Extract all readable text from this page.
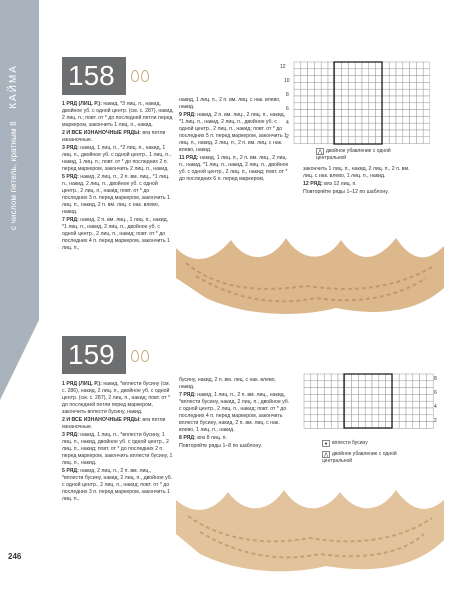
с числом петель, кратным 8 КАЙМА 158

1 РЯД (ЛИЦ. Р.): накид, *3 лиц. п., накид, двойное уб. с одной центр. (см. с. 287), накид, 2 лиц. п.; повт. от * до последней петли перед маркером, закончить 1 лиц. п., накид.

2 И ВСЕ ИЗНАНОЧНЫЕ РЯДЫ: вяз петли изнаночные.

3 РЯД: накид, 1 лиц. п., *2 лиц. п., накид, 1 лиц. п., двойное уб. с одной центр., 1 лиц. п., накид, 1 лиц. п.; повт. от * до последних 2 п. перед маркером, закончить 2 лиц. п., накид.

5 РЯД: накид, 2 лиц. п., 2 п. вм. лиц., *1 лиц. п., накид, 2 лиц. п., двойное уб. с одной центр., 2 лиц. п., накид; повт. от * до последних 3 п. перед маркером, закончить 1 лиц. п., накид, 2 п. вм. лиц. с нак. влево, накид.

7 РЯД: накид, 2 п. вм. лиц., 1 лиц. п., накид, *1 лиц. п., накид, 2 лиц. п., двойное уб. с одной центр., 2 лиц. п., накид; повт. от * до последних 4 п. перед маркером, закончить 1 лиц. п.,

накид, 1 лиц. п., 2 п. вм. лиц. с нак. влево, накид.

9 РЯД: накид, 2 п. вм. лиц., 2 лиц. п., накид, *1 лиц. п., накид, 2 лиц. п., двойное уб. с одной центр., 2 лиц. п., накид; повт. от * до последних 5 п. перед маркером, закончить 1 лиц. п., накид, 2 лиц. п., 2 п. вм. лиц. с нак. влево, накид.

11 РЯД: накид, 1 лиц. п., 2 п. вм. лиц., 2 лиц. п., накид, *1 лиц. п., накид, 2 лиц. п., двойное уб. с одной центр., 2 лиц. п., накид; повт. от * до последних 6 п. перед маркером,

12
10
8
6
4
2
⋀ двойное убавление с одной центральной

закончить 1 лиц. п., накид, 2 лиц. п., 2 п. вм. лиц. с нак. влево, 1 лиц. п., накид.

12 РЯД: вяз 12 лиц. п.

Повторяйте ряды 1–12 по шаблону.

159

1 РЯД (ЛИЦ. Р.): накид, *вплести бусину (см. с. 286), накид, 2 лиц. п., двойное уб. с одной центр. (см. с. 287), 2 лиц. п., накид; повт. от * до последней петли перед маркером, закончить вплести бусину, накид.

2 И ВСЕ ИЗНАНОЧНЫЕ РЯДЫ: вяз петли изнаночные.

3 РЯД: накид, 1 лиц. п., *вплести бусину, 1 лиц. п., накид, двойное уб. с одной центр., 2 лиц. п., накид; повт. от * до последних 2 п. перед маркером, закончить вплести бусину, 1 лиц. п., накид.

5 РЯД: накид, 2 лиц. п., 2 п. вм. лиц., *вплести бусину, накид, 2 лиц. п., двойное уб. с одной центр., 2 лиц. п., накид; повт. от * до последних 3 п. перед маркером, закончить 1 лиц. п.,

бусину, накид, 2 п. вм. лиц. с нак. влево, накид.

7 РЯД: накид, 1 лиц. п., 2 п. вм. лиц., накид, *вплести бусину, накид, 2 лиц. п., двойное уб. с одной центр., 2 лиц. п., накид; повт. от * до последних 4 п. перед маркером, закончить вплести бусину, накид, 2 п. вм. лиц. с нак. влево, 1 лиц. п., накид.

8 РЯД: вяз 8 лиц. п.

Повторяйте ряды 1–8 по шаблону.

8
6
4
2
♦ вплести бусину
⋀ двойное убавление с одной центральной
246
